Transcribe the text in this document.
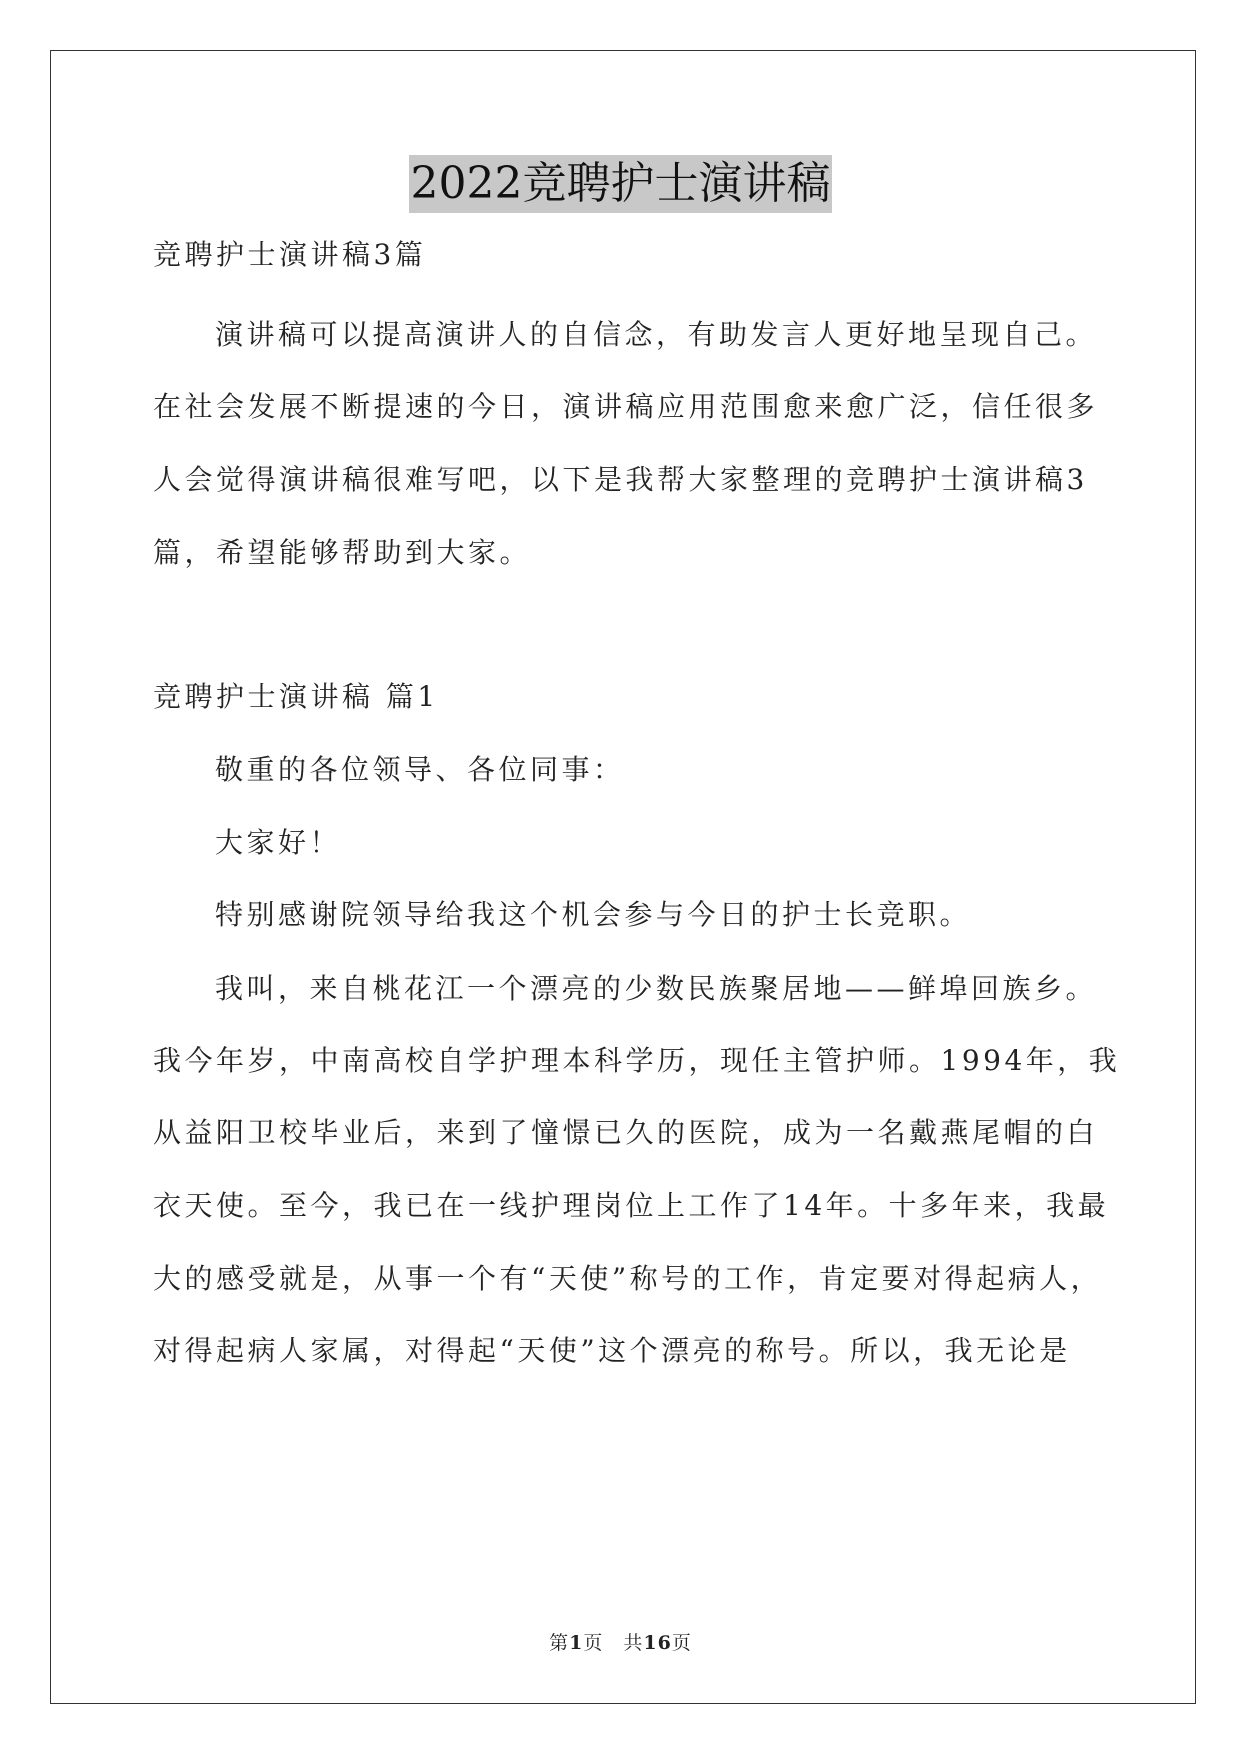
2022竞聘护士演讲稿
竞聘护士演讲稿3篇
演讲稿可以提高演讲人的自信念，有助发言人更好地呈现自己。
在社会发展不断提速的今日，演讲稿应用范围愈来愈广泛，信任很多
人会觉得演讲稿很难写吧，以下是我帮大家整理的竞聘护士演讲稿3
篇，希望能够帮助到大家。
竞聘护士演讲稿 篇1
敬重的各位领导、各位同事：
大家好！
特别感谢院领导给我这个机会参与今日的护士长竞职。
我叫，来自桃花江一个漂亮的少数民族聚居地——鲜埠回族乡。
我今年岁，中南高校自学护理本科学历，现任主管护师。1994年，我
从益阳卫校毕业后，来到了憧憬已久的医院，成为一名戴燕尾帽的白
衣天使。至今，我已在一线护理岗位上工作了14年。十多年来，我最
大的感受就是，从事一个有“天使”称号的工作，肯定要对得起病人，
对得起病人家属，对得起“天使”这个漂亮的称号。所以，我无论是
第1页　共16页
